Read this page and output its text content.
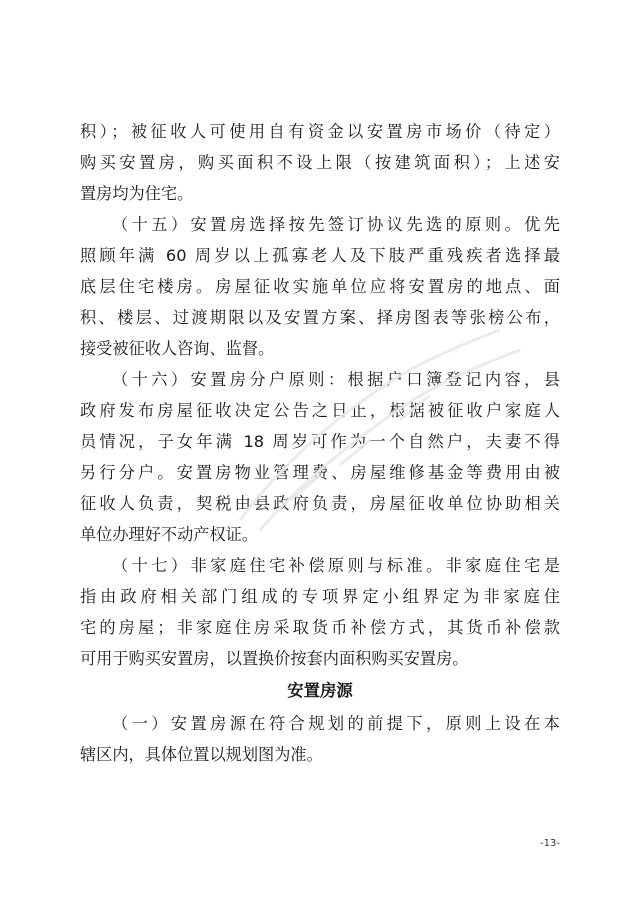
积）；被征收人可使用自有资金以安置房市场价（待定）
购买安置房，购买面积不设上限（按建筑面积）；上述安
置房均为住宅。
（十五）安置房选择按先签订协议先选的原则。优先
照顾年满 60 周岁以上孤寡老人及下肢严重残疾者选择最
底层住宅楼房。房屋征收实施单位应将安置房的地点、面
积、楼层、过渡期限以及安置方案、择房图表等张榜公布，
接受被征收人咨询、监督。
（十六）安置房分户原则：根据户口簿登记内容，县
政府发布房屋征收决定公告之日止，根据被征收户家庭人
员情况，子女年满 18 周岁可作为一个自然户，夫妻不得
另行分户。安置房物业管理费、房屋维修基金等费用由被
征收人负责，契税由县政府负责，房屋征收单位协助相关
单位办理好不动产权证。
（十七）非家庭住宅补偿原则与标准。非家庭住宅是
指由政府相关部门组成的专项界定小组界定为非家庭住
宅的房屋；非家庭住房采取货币补偿方式，其货币补偿款
可用于购买安置房，以置换价按套内面积购买安置房。
安置房源
（一）安置房源在符合规划的前提下，原则上设在本
辖区内，具体位置以规划图为准。
-13-
